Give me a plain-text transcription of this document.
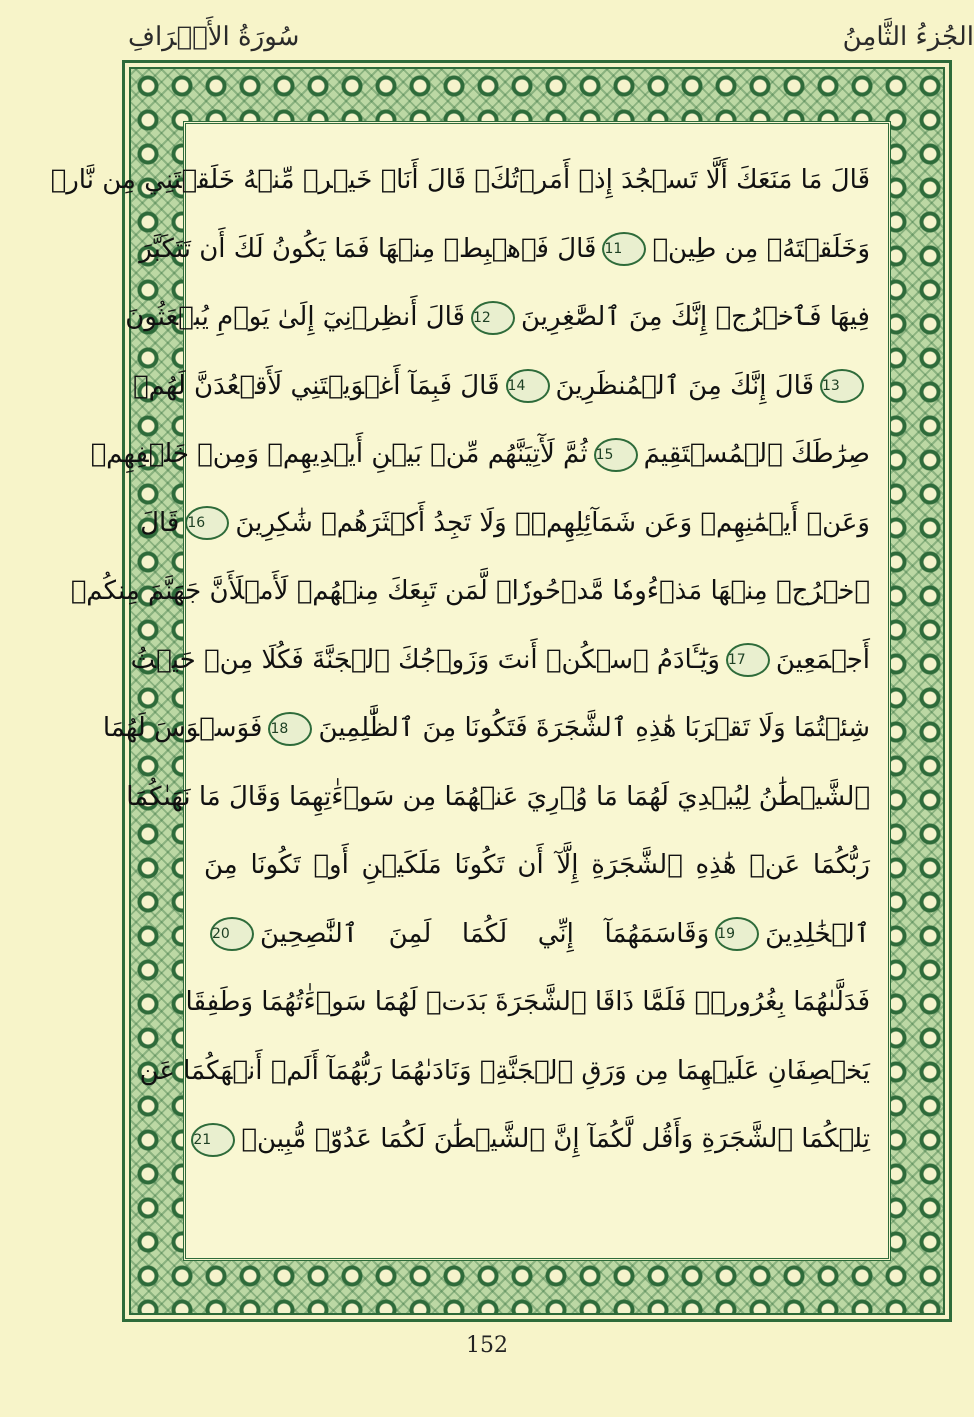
سُورَةُ الأَعۡرَافِ	الجُزءُ الثَّامِنُ
قَالَ مَا مَنَعَكَ أَلَّا تَسۡجُدَ إِذۡ أَمَرۡتُكَۖ قَالَ أَنَا۠ خَيۡرٞ مِّنۡهُ خَلَقۡتَنِي مِن نَّارٖ
وَخَلَقۡتَهُۥ مِن طِينٖ11قَالَ فَٱهۡبِطۡ مِنۡهَا فَمَا يَكُونُ لَكَ أَن تَتَكَبَّرَ
فِيهَا فَٱخۡرُجۡ إِنَّكَ مِنَ ٱلصَّٰغِرِينَ12قَالَ أَنظِرۡنِيٓ إِلَىٰ يَوۡمِ يُبۡعَثُونَ
13قَالَ إِنَّكَ مِنَ ٱلۡمُنظَرِينَ14قَالَ فَبِمَآ أَغۡوَيۡتَنِي لَأَقۡعُدَنَّ لَهُمۡ
صِرَٰطَكَ ٱلۡمُسۡتَقِيمَ15ثُمَّ لَأٓتِيَنَّهُم مِّنۢ بَيۡنِ أَيۡدِيهِمۡ وَمِنۡ خَلۡفِهِمۡ
وَعَنۡ أَيۡمَٰنِهِمۡ وَعَن شَمَآئِلِهِمۡۖ وَلَا تَجِدُ أَكۡثَرَهُمۡ شَٰكِرِينَ16قَالَ
ٱخۡرُجۡ مِنۡهَا مَذۡءُومٗا مَّدۡحُورٗاۖ لَّمَن تَبِعَكَ مِنۡهُمۡ لَأَمۡلَأَنَّ جَهَنَّمَ مِنكُمۡ
أَجۡمَعِينَ17وَيَٰٓـَٔادَمُ ٱسۡكُنۡ أَنتَ وَزَوۡجُكَ ٱلۡجَنَّةَ فَكُلَا مِنۡ حَيۡثُ
شِئۡتُمَا وَلَا تَقۡرَبَا هَٰذِهِ ٱلشَّجَرَةَ فَتَكُونَا مِنَ ٱلظَّٰلِمِينَ18فَوَسۡوَسَ لَهُمَا
ٱلشَّيۡطَٰنُ لِيُبۡدِيَ لَهُمَا مَا وُۥرِيَ عَنۡهُمَا مِن سَوۡءَٰتِهِمَا وَقَالَ مَا نَهَىٰكُمَا
رَبُّكُمَا عَنۡ هَٰذِهِ ٱلشَّجَرَةِ إِلَّآ أَن تَكُونَا مَلَكَيۡنِ أَوۡ تَكُونَا مِنَ
ٱلۡخَٰلِدِينَ19وَقَاسَمَهُمَآ إِنِّي لَكُمَا لَمِنَ ٱلنَّٰصِحِينَ20
فَدَلَّىٰهُمَا بِغُرُورٖۚ فَلَمَّا ذَاقَا ٱلشَّجَرَةَ بَدَتۡ لَهُمَا سَوۡءَٰتُهُمَا وَطَفِقَا
يَخۡصِفَانِ عَلَيۡهِمَا مِن وَرَقِ ٱلۡجَنَّةِۖ وَنَادَىٰهُمَا رَبُّهُمَآ أَلَمۡ أَنۡهَكُمَا عَن
تِلۡكُمَا ٱلشَّجَرَةِ وَأَقُل لَّكُمَآ إِنَّ ٱلشَّيۡطَٰنَ لَكُمَا عَدُوّٞ مُّبِينٞ21
152
